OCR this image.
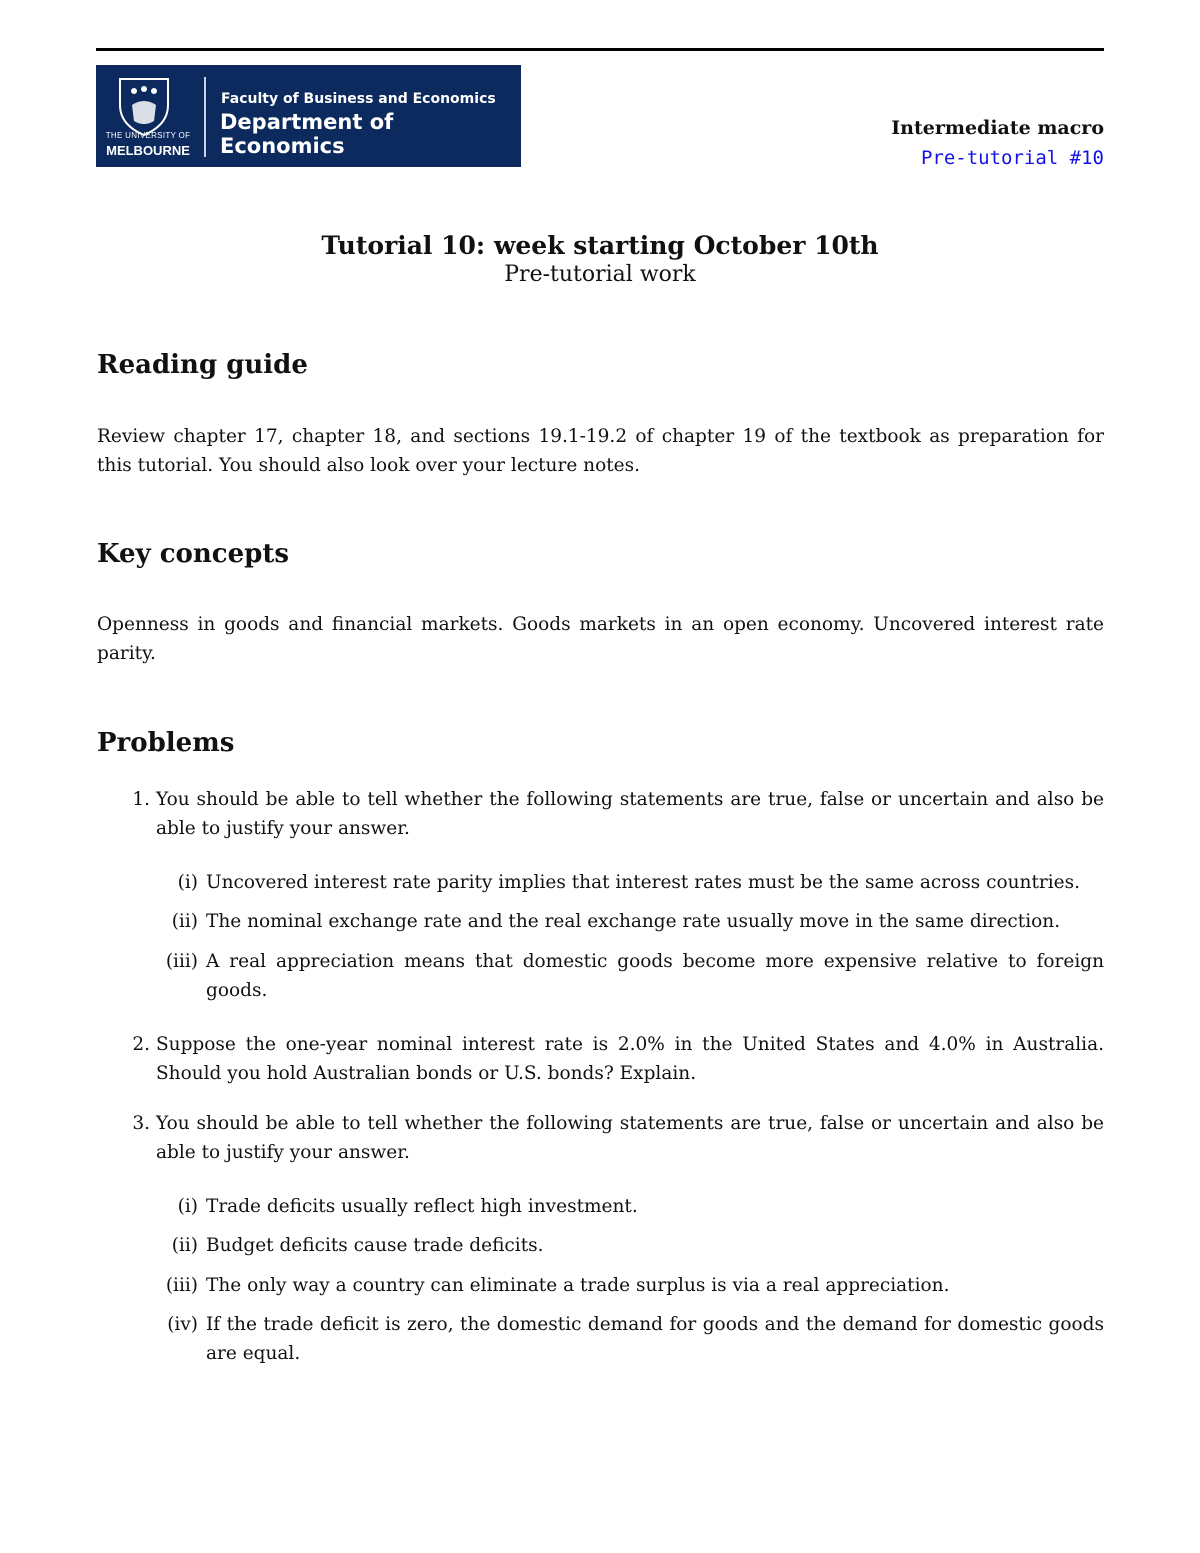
THE UNIVERSITY OF
MELBOURNE
Faculty of Business and Economics
Department of Economics
Intermediate macro
Pre-tutorial #10
Tutorial 10: week starting October 10th
Pre-tutorial work
Reading guide
Review chapter 17, chapter 18, and sections 19.1-19.2 of chapter 19 of the textbook as preparation for this tutorial. You should also look over your lecture notes.
Key concepts
Openness in goods and financial markets. Goods markets in an open economy. Uncovered interest rate parity.
Problems
1. You should be able to tell whether the following statements are true, false or uncertain and also be able to justify your answer.
(i) Uncovered interest rate parity implies that interest rates must be the same across countries.
(ii) The nominal exchange rate and the real exchange rate usually move in the same direction.
(iii) A real appreciation means that domestic goods become more expensive relative to foreign goods.
2. Suppose the one-year nominal interest rate is 2.0% in the United States and 4.0% in Australia. Should you hold Australian bonds or U.S. bonds? Explain.
3. You should be able to tell whether the following statements are true, false or uncertain and also be able to justify your answer.
(i) Trade deficits usually reflect high investment.
(ii) Budget deficits cause trade deficits.
(iii) The only way a country can eliminate a trade surplus is via a real appreciation.
(iv) If the trade deficit is zero, the domestic demand for goods and the demand for domestic goods are equal.
